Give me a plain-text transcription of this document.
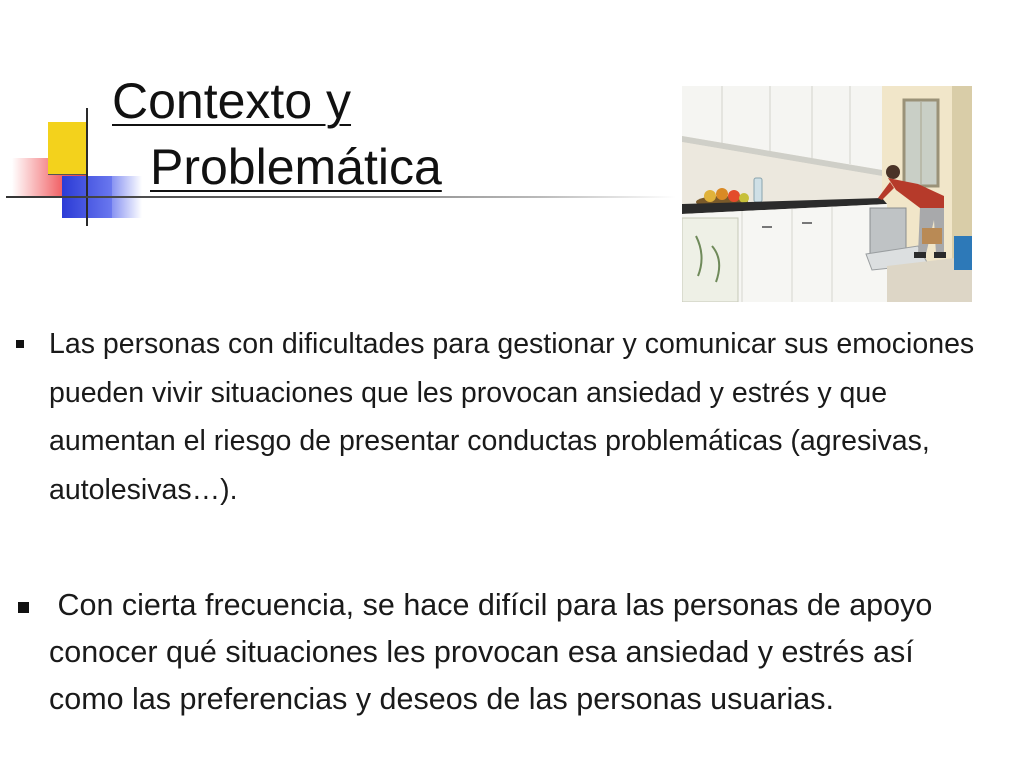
Contexto y
Problemática
Las personas con dificultades para gestionar y comunicar sus emociones pueden vivir situaciones que les provocan ansiedad y estrés y que aumentan el riesgo de presentar conductas problemáticas (agresivas, autolesivas…).
Con cierta frecuencia, se hace difícil para las personas de apoyo conocer qué situaciones les provocan esa ansiedad y estrés así como las preferencias y deseos de las personas usuarias.
